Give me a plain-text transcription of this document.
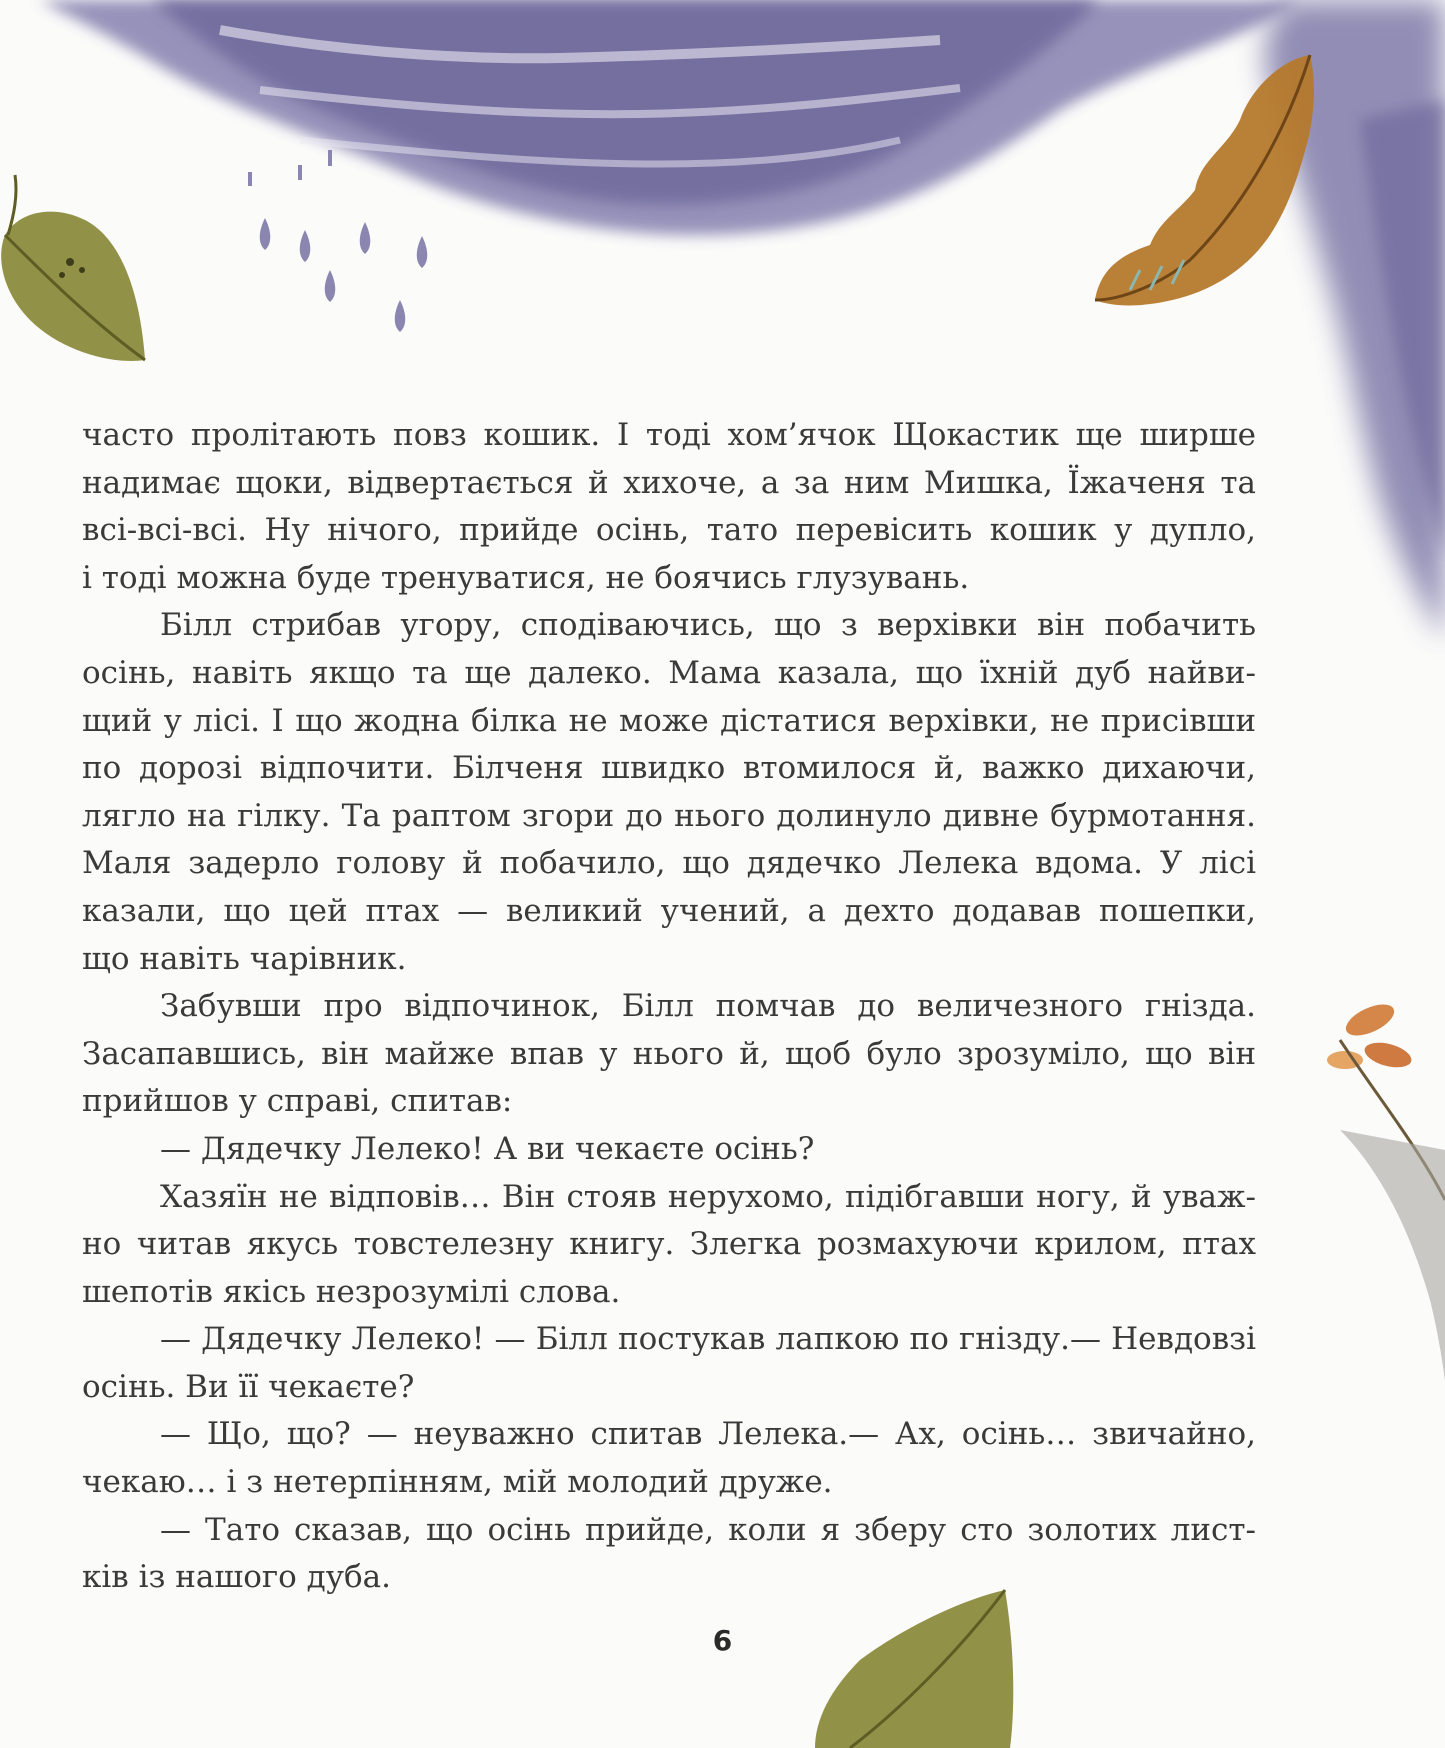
часто пролітають повз кошик. І тоді хом’ячок Щокастик ще ширше

надимає щоки, відвертається й хихоче, а за ним Мишка, Їжаченя та

всі-всі-всі. Ну нічого, прийде осінь, тато перевісить кошик у дупло,

і тоді можна буде тренуватися, не боячись глузувань.

Білл стрибав угору, сподіваючись, що з верхівки він побачить

осінь, навіть якщо та ще далеко. Мама казала, що їхній дуб найви-

щий у лісі. І що жодна білка не може дістатися верхівки, не присівши

по дорозі відпочити. Білченя швидко втомилося й, важко дихаючи,

лягло на гілку. Та раптом згори до нього долинуло дивне бурмотання.

Маля задерло голову й побачило, що дядечко Лелека вдома. У лісі

казали, що цей птах — великий учений, а дехто додавав пошепки,

що навіть чарівник.

Забувши про відпочинок, Білл помчав до величезного гнізда.

Засапавшись, він майже впав у нього й, щоб було зрозуміло, що він

прийшов у справі, спитав:

— Дядечку Лелеко! А ви чекаєте осінь?

Хазяїн не відповів… Він стояв нерухомо, підібгавши ногу, й уваж-

но читав якусь товстелезну книгу. Злегка розмахуючи крилом, птах

шепотів якісь незрозумілі слова.

— Дядечку Лелеко! — Білл постукав лапкою по гнізду.— Невдовзі

осінь. Ви її чекаєте?

— Що, що? — неуважно спитав Лелека.— Ах, осінь… звичайно,

чекаю… і з нетерпінням, мій молодий друже.

— Тато сказав, що осінь прийде, коли я зберу сто золотих лист-

ків із нашого дуба.

6
